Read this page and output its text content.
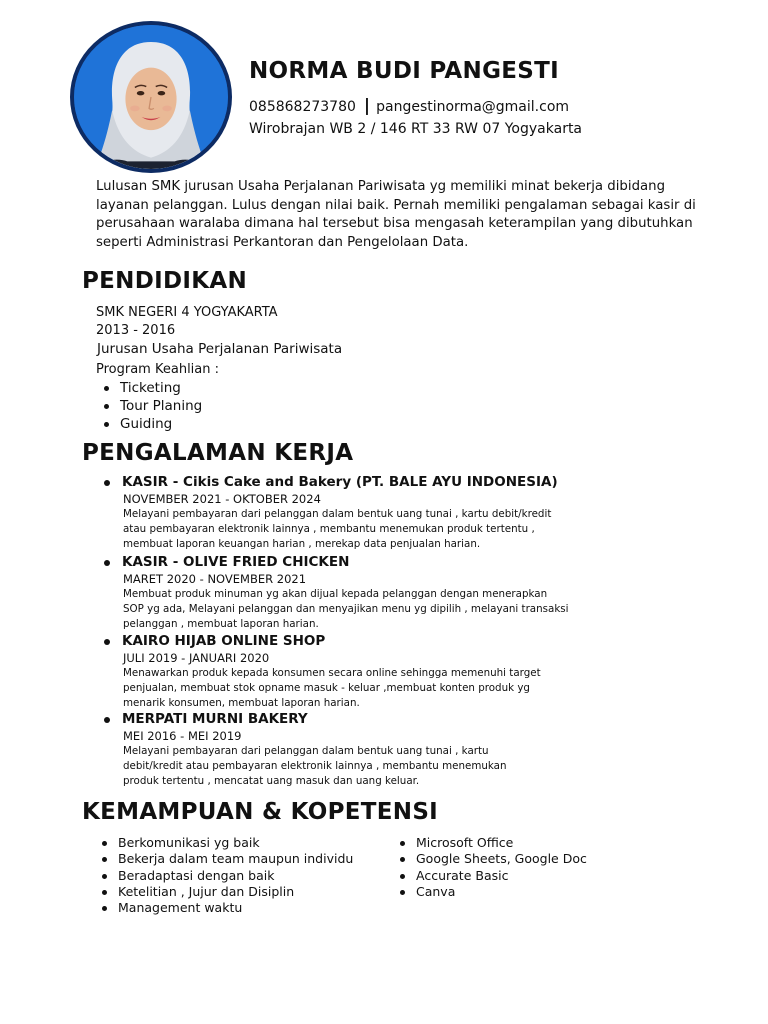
NORMA BUDI PANGESTI
085868273780 | pangestinorma@gmail.com
Wirobrajan WB 2 / 146 RT 33 RW 07 Yogyakarta

Lulusan SMK jurusan Usaha Perjalanan Pariwisata yg memiliki minat bekerja dibidang layanan pelanggan. Lulus dengan nilai baik. Pernah memiliki pengalaman sebagai kasir di perusahaan waralaba dimana hal tersebut bisa mengasah keterampilan yang dibutuhkan seperti Administrasi Perkantoran dan Pengelolaan Data.

PENDIDIKAN
SMK NEGERI 4 YOGYAKARTA
2013 - 2016
Jurusan Usaha Perjalanan Pariwisata
Program Keahlian :
Ticketing
Tour Planing
Guiding
PENGALAMAN KERJA
KASIR - Cikis Cake and Bakery (PT. BALE AYU INDONESIA)
NOVEMBER 2021 - OKTOBER 2024
Melayani pembayaran dari pelanggan dalam bentuk uang tunai , kartu debit/kredit
atau pembayaran elektronik lainnya , membantu menemukan produk tertentu ,
membuat laporan keuangan harian , merekap data penjualan harian.
KASIR - OLIVE FRIED CHICKEN
MARET 2020 - NOVEMBER 2021
Membuat produk minuman yg akan dijual kepada pelanggan dengan menerapkan
SOP yg ada, Melayani pelanggan dan menyajikan menu yg dipilih , melayani transaksi
pelanggan , membuat laporan harian.
KAIRO HIJAB ONLINE SHOP
JULI 2019 - JANUARI 2020
Menawarkan produk kepada konsumen secara online sehingga memenuhi target
penjualan, membuat stok opname masuk - keluar ,membuat konten produk yg
menarik konsumen, membuat laporan harian.
MERPATI MURNI BAKERY
MEI 2016 - MEI 2019
Melayani pembayaran dari pelanggan dalam bentuk uang tunai , kartu
debit/kredit atau pembayaran elektronik lainnya , membantu menemukan
produk tertentu , mencatat uang masuk dan uang keluar.
KEMAMPUAN & KOPETENSI
Berkomunikasi yg baik
Bekerja dalam team maupun individu
Beradaptasi dengan baik
Ketelitian , Jujur dan Disiplin
Management waktu
Microsoft Office
Google Sheets, Google Doc
Accurate Basic
Canva
